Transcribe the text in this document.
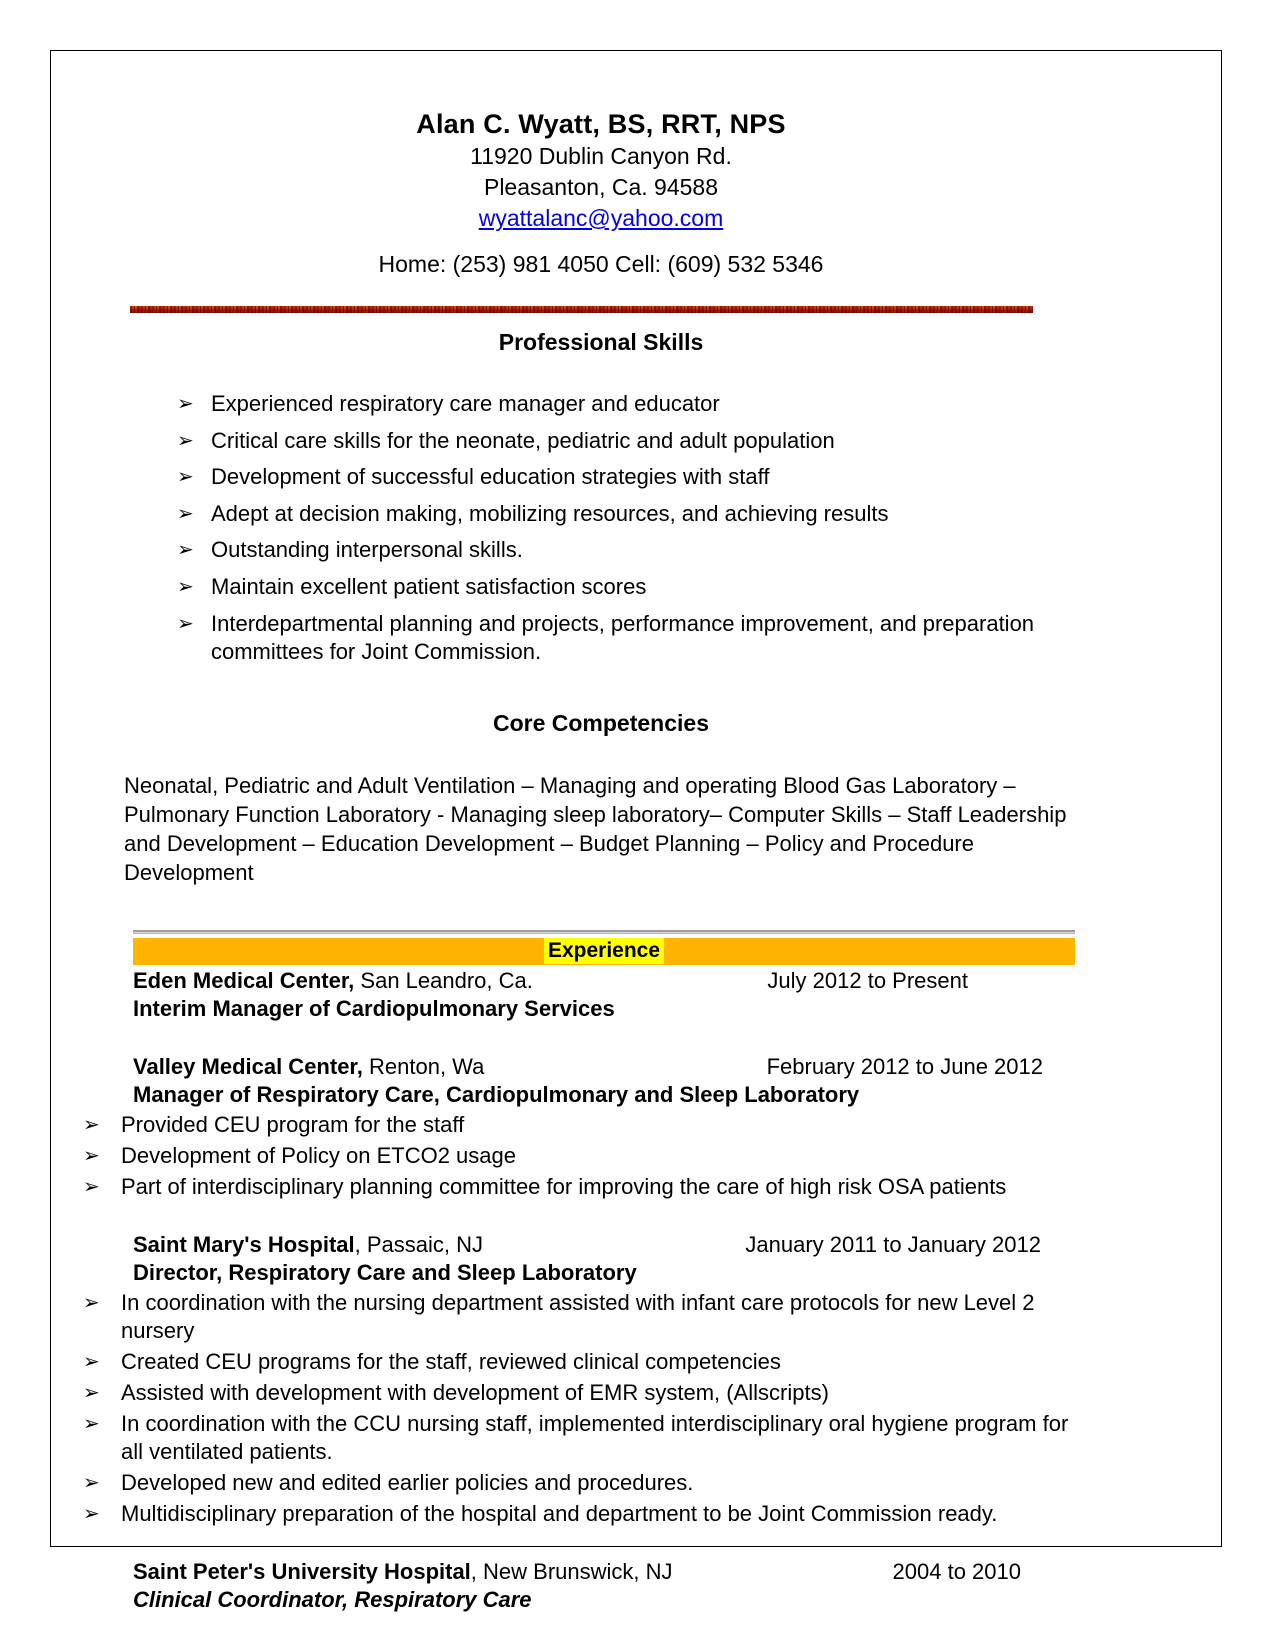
Alan C. Wyatt, BS, RRT, NPS
11920 Dublin Canyon Rd.
Pleasanton, Ca. 94588
wyattalanc@yahoo.com
Home: (253) 981 4050 Cell: (609) 532 5346
Professional Skills
➢ Experienced respiratory care manager and educator
➢ Critical care skills for the neonate, pediatric and adult population
➢ Development of successful education strategies with staff
➢ Adept at decision making, mobilizing resources, and achieving results
➢ Outstanding interpersonal skills.
➢ Maintain excellent patient satisfaction scores
➢ Interdepartmental planning and projects, performance improvement, and preparation committees for Joint Commission.
Core Competencies
Neonatal, Pediatric and Adult Ventilation – Managing and operating Blood Gas Laboratory – Pulmonary Function Laboratory - Managing sleep laboratory– Computer Skills – Staff Leadership and Development – Education Development – Budget Planning – Policy and Procedure Development
Experience
Eden Medical Center, San Leandro, Ca.	July 2012 to Present
Interim Manager of Cardiopulmonary Services
Valley Medical Center, Renton, Wa	February 2012 to June 2012
Manager of Respiratory Care, Cardiopulmonary and Sleep Laboratory
➢ Provided CEU program for the staff
➢ Development of Policy on ETCO2 usage
➢ Part of interdisciplinary planning committee for improving the care of high risk OSA patients
Saint Mary's Hospital, Passaic, NJ	January 2011 to January 2012
Director, Respiratory Care and Sleep Laboratory
➢ In coordination with the nursing department assisted with infant care protocols for new Level 2 nursery
➢ Created CEU programs for the staff, reviewed clinical competencies
➢ Assisted with development with development of EMR system, (Allscripts)
➢ In coordination with the CCU nursing staff, implemented interdisciplinary oral hygiene program for all ventilated patients.
➢ Developed new and edited earlier policies and procedures.
➢ Multidisciplinary preparation of the hospital and department to be Joint Commission ready.
Saint Peter's University Hospital, New Brunswick, NJ	2004 to 2010
Clinical Coordinator, Respiratory Care
